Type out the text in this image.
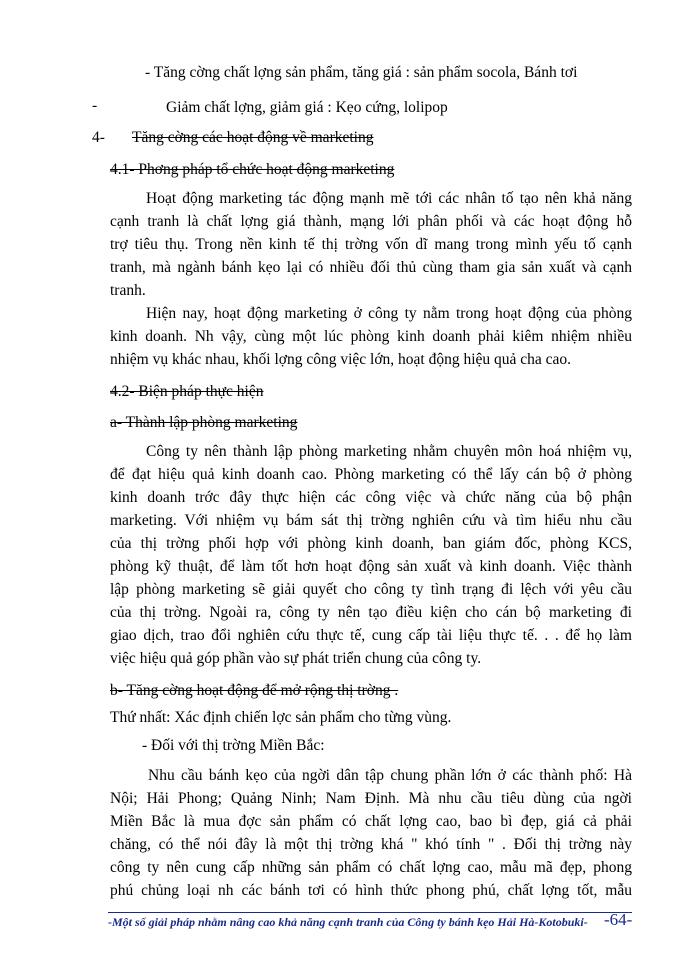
- Tăng cờng chất lợng sản phẩm, tăng giá : sản phẩm socola, Bánh tơi
-	Giảm chất lợng, giảm giá : Kẹo cứng, lolipop
4- Tăng cờng các hoạt động về marketing
4.1- Phơng pháp tổ chức hoạt động marketing
Hoạt động marketing tác động mạnh mẽ tới các nhân tố tạo nên khả năng
cạnh tranh là chất lợng giá thành, mạng lới phân phối và các hoạt động hỗ
trợ tiêu thụ. Trong nền kinh tế thị trờng vốn dĩ mang trong mình yếu tố cạnh
tranh, mà ngành bánh kẹo lại có nhiều đối thủ cùng tham gia sản xuất và cạnh
tranh.
Hiện nay, hoạt động marketing ở công ty nằm trong hoạt động của phòng
kinh doanh. Nh vậy, cùng một lúc phòng kinh doanh phải kiêm nhiệm nhiều
nhiệm vụ khác nhau, khối lợng công việc lớn, hoạt động hiệu quả cha cao.
4.2- Biện pháp thực hiện
a- Thành lập phòng marketing
Công ty nên thành lập phòng marketing nhằm chuyên môn hoá nhiệm vụ,
để đạt hiệu quả kinh doanh cao. Phòng marketing có thể lấy cán bộ ở phòng
kinh doanh trớc đây thực hiện các công việc và chức năng của bộ phận
marketing. Với nhiệm vụ bám sát thị trờng nghiên cứu và tìm hiểu nhu cầu
của thị trờng phối hợp với phòng kinh doanh, ban giám đốc, phòng KCS,
phòng kỹ thuật, để làm tốt hơn hoạt động sản xuất và kinh doanh. Việc thành
lập phòng marketing sẽ giải quyết cho công ty tình trạng đi lệch với yêu cầu
của thị trờng. Ngoài ra, công ty nên tạo điều kiện cho cán bộ marketing đi
giao dịch, trao đổi nghiên cứu thực tế, cung cấp tài liệu thực tế. . . để họ làm
việc hiệu quả góp phần vào sự phát triển chung của công ty.
b- Tăng cờng hoạt động để mở rộng thị trờng .
Thứ nhất: Xác định chiến lợc sản phẩm cho từng vùng.
- Đối với thị trờng Miền Bắc:
Nhu cầu bánh kẹo của ngời dân tập chung phần lớn ở các thành phố: Hà
Nội; Hải Phong; Quảng Ninh; Nam Định. Mà nhu cầu tiêu dùng của ngời
Miền Bắc là mua đợc sản phẩm có chất lợng cao, bao bì đẹp, giá cả phải
chăng, có thể nói đây là một thị trờng khá " khó tính " . Đối thị trờng này
công ty nên cung cấp những sản phẩm có chất lợng cao, mẫu mã đẹp, phong
phú chủng loại nh các bánh tơi có hình thức phong phú, chất lợng tốt, mẫu
-Một số giải pháp nhằm nâng cao khả năng cạnh tranh của Công ty bánh kẹo Hải Hà-Kotobuki- -64-
